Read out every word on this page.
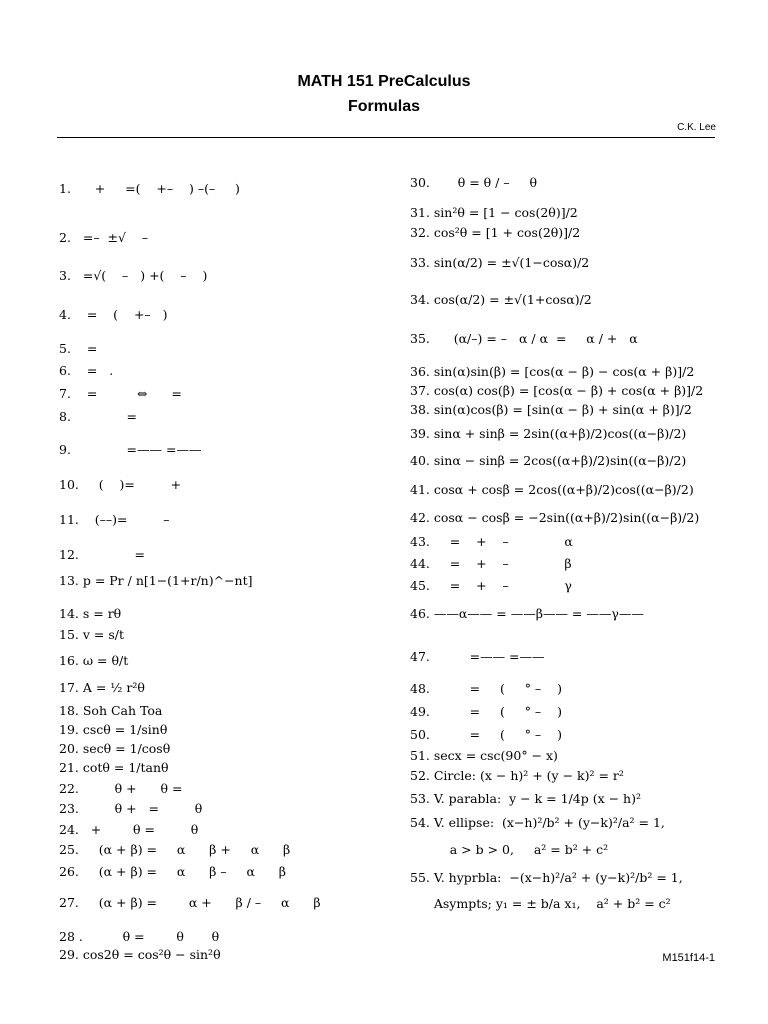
MATH 151 PreCalculus
Formulas
C.K. Lee
1.      +     =(    +–    ) –(–     )
2.   =–  ±√    –
3.   =√(    –   ) +(    –    )
4.    =    (    +–   )
5.    =
6.    =   .
7.    =          ⇔      =
8.              =
9.              =—— =——
10.     (    )=         +
11.    (––)=         –
12.              =
13. p = Pr / n[1−(1+r/n)^−nt]
14. s = rθ
15. v = s/t
16. ω = θ/t
17. A = ½ r²θ
18. Soh Cah Toa
19. cscθ = 1/sinθ
20. secθ = 1/cosθ
21. cotθ = 1/tanθ
22.         θ +      θ =
23.         θ +   =         θ
24.   +        θ =         θ
25.     (α + β) =     α      β +     α      β
26.     (α + β) =     α      β –     α      β
27.     (α + β) =        α +      β / –     α      β
28 .          θ =        θ       θ
29. cos2θ = cos²θ − sin²θ
30.       θ = θ / –     θ
31. sin²θ = [1 − cos(2θ)]/2
32. cos²θ = [1 + cos(2θ)]/2
33. sin(α/2) = ±√(1−cosα)/2
34. cos(α/2) = ±√(1+cosα)/2
35.      (α/–) = –   α / α  =     α / +   α
36. sin(α)sin(β) = [cos(α − β) − cos(α + β)]/2
37. cos(α) cos(β) = [cos(α − β) + cos(α + β)]/2
38. sin(α)cos(β) = [sin(α − β) + sin(α + β)]/2
39. sinα + sinβ = 2sin((α+β)/2)cos((α−β)/2)
40. sinα − sinβ = 2cos((α+β)/2)sin((α−β)/2)
41. cosα + cosβ = 2cos((α+β)/2)cos((α−β)/2)
42. cosα − cosβ = −2sin((α+β)/2)sin((α−β)/2)
43.     =    +    –              α
44.     =    +    –              β
45.     =    +    –              γ
46. ——α—— = ——β—— = ——γ——
47.          =—— =——
48.          =     (     ° –    )
49.          =     (     ° –    )
50.          =     (     ° –    )
51. secx = csc(90° − x)
52. Circle: (x − h)² + (y − k)² = r²
53. V. parabla:  y − k = 1/4p (x − h)²
54. V. ellipse:  (x−h)²/b² + (y−k)²/a² = 1,
a > b > 0,     a² = b² + c²
55. V. hyprbla:  −(x−h)²/a² + (y−k)²/b² = 1,
Asympts; y₁ = ± b/a x₁,    a² + b² = c²
M151f14-1
